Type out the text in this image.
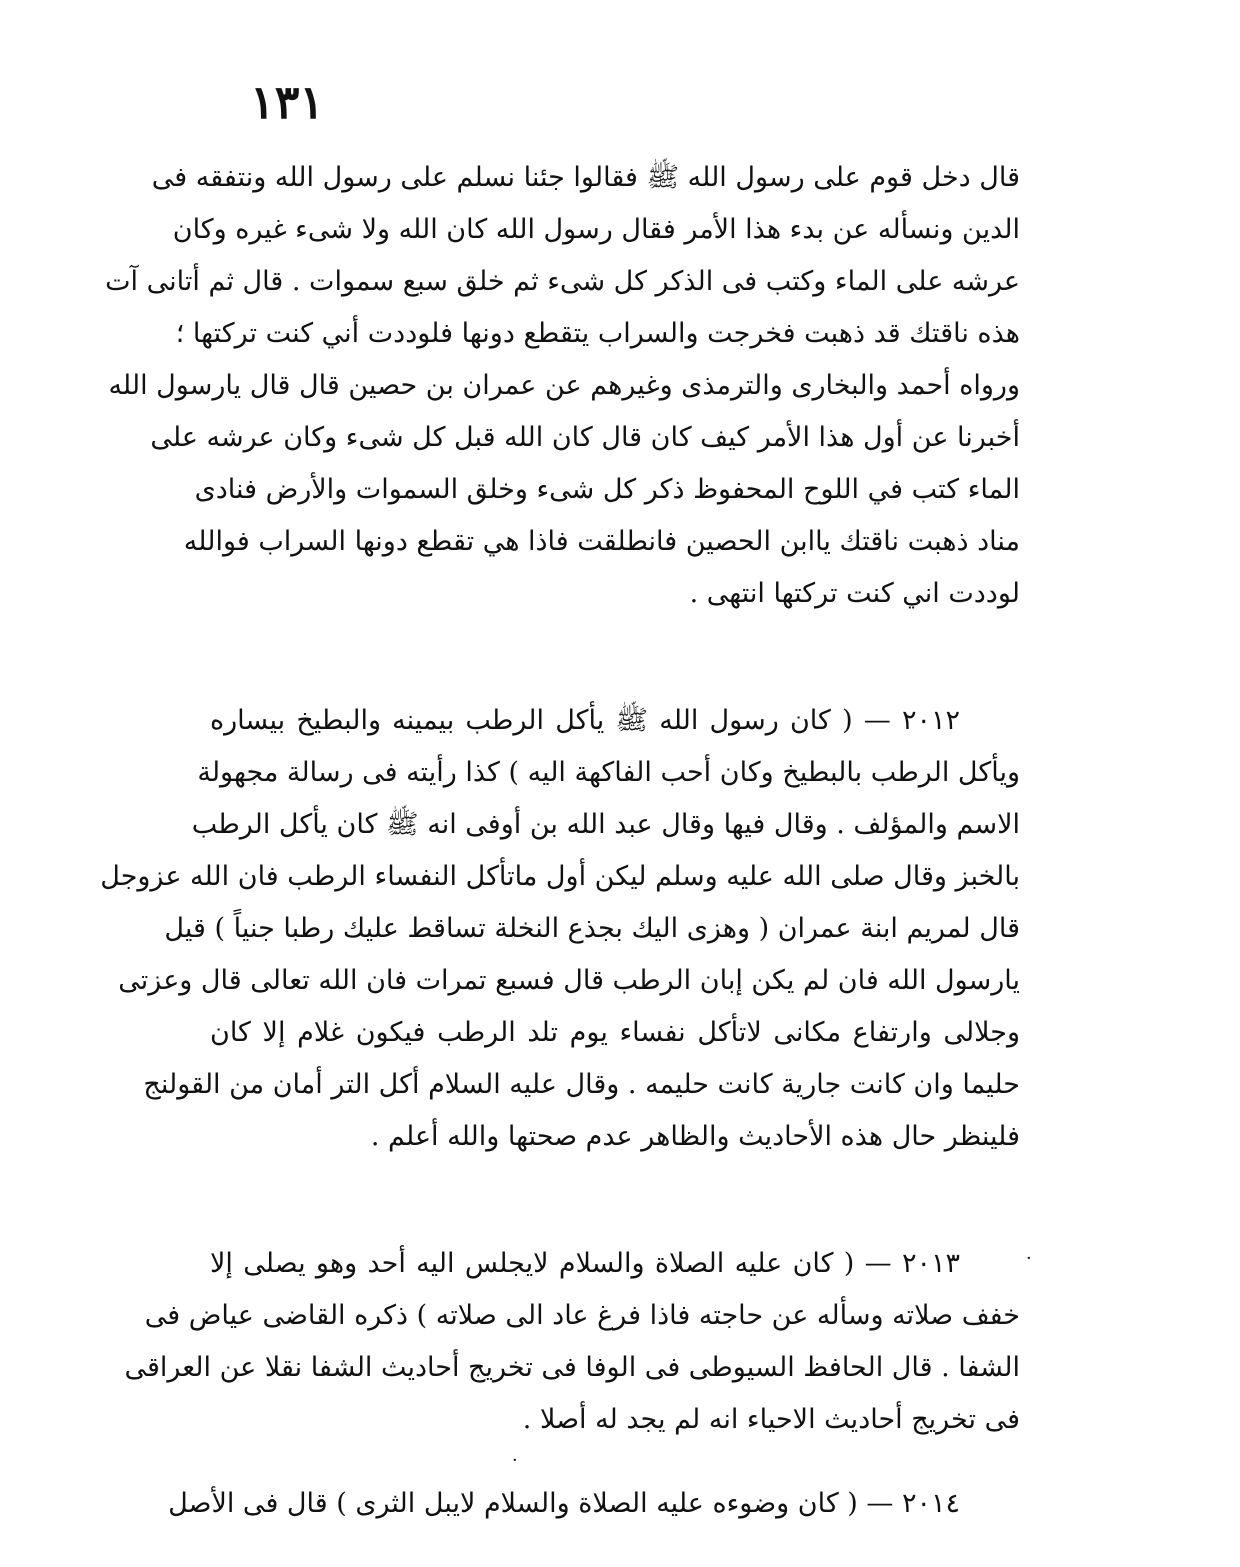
١٣١
قال دخل قوم على رسول الله ﷺ فقالوا جئنا نسلم على رسول الله ونتفقه فى
الدين ونسأله عن بدء هذا الأمر فقال رسول الله كان الله ولا شىء غيره وكان
عرشه على الماء وكتب فى الذكر كل شىء ثم خلق سبع سموات . قال ثم أتانى آت
هذه ناقتك قد ذهبت فخرجت والسراب يتقطع دونها فلوددت أني كنت تركتها ؛
ورواه أحمد والبخارى والترمذى وغيرهم عن عمران بن حصين قال قال يارسول الله
أخبرنا عن أول هذا الأمر كيف كان قال كان الله قبل كل شىء وكان عرشه على
الماء كتب في اللوح المحفوظ ذكر كل شىء وخلق السموات والأرض فنادى
مناد ذهبت ناقتك ياابن الحصين فانطلقت فاذا هي تقطع دونها السراب فوالله
لوددت اني كنت تركتها انتهى .
٢٠١٢ — ( كان رسول الله ﷺ يأكل الرطب بيمينه والبطيخ بيساره
ويأكل الرطب بالبطيخ وكان أحب الفاكهة اليه ) كذا رأيته فى رسالة مجهولة
الاسم والمؤلف . وقال فيها وقال عبد الله بن أوفى انه ﷺ كان يأكل الرطب
بالخبز وقال صلى الله عليه وسلم ليكن أول ماتأكل النفساء الرطب فان الله عزوجل
قال لمريم ابنة عمران ( وهزى اليك بجذع النخلة تساقط عليك رطبا جنياً ) قيل
يارسول الله فان لم يكن إبان الرطب قال فسبع تمرات فان الله تعالى قال وعزتى
وجلالى وارتفاع مكانى لاتأكل نفساء يوم تلد الرطب فيكون غلام إلا كان
حليما وان كانت جارية كانت حليمه . وقال عليه السلام أكل التر أمان من القولنج
فلينظر حال هذه الأحاديث والظاهر عدم صحتها والله أعلم .
٢٠١٣ — ( كان عليه الصلاة والسلام لايجلس اليه أحد وهو يصلى إلا
خفف صلاته وسأله عن حاجته فاذا فرغ عاد الى صلاته ) ذكره القاضى عياض فى
الشفا . قال الحافظ السيوطى فى الوفا فى تخريج أحاديث الشفا نقلا عن العراقى
فى تخريج أحاديث الاحياء انه لم يجد له أصلا .
٢٠١٤ — ( كان وضوءه عليه الصلاة والسلام لايبل الثرى ) قال فى الأصل
·
·
